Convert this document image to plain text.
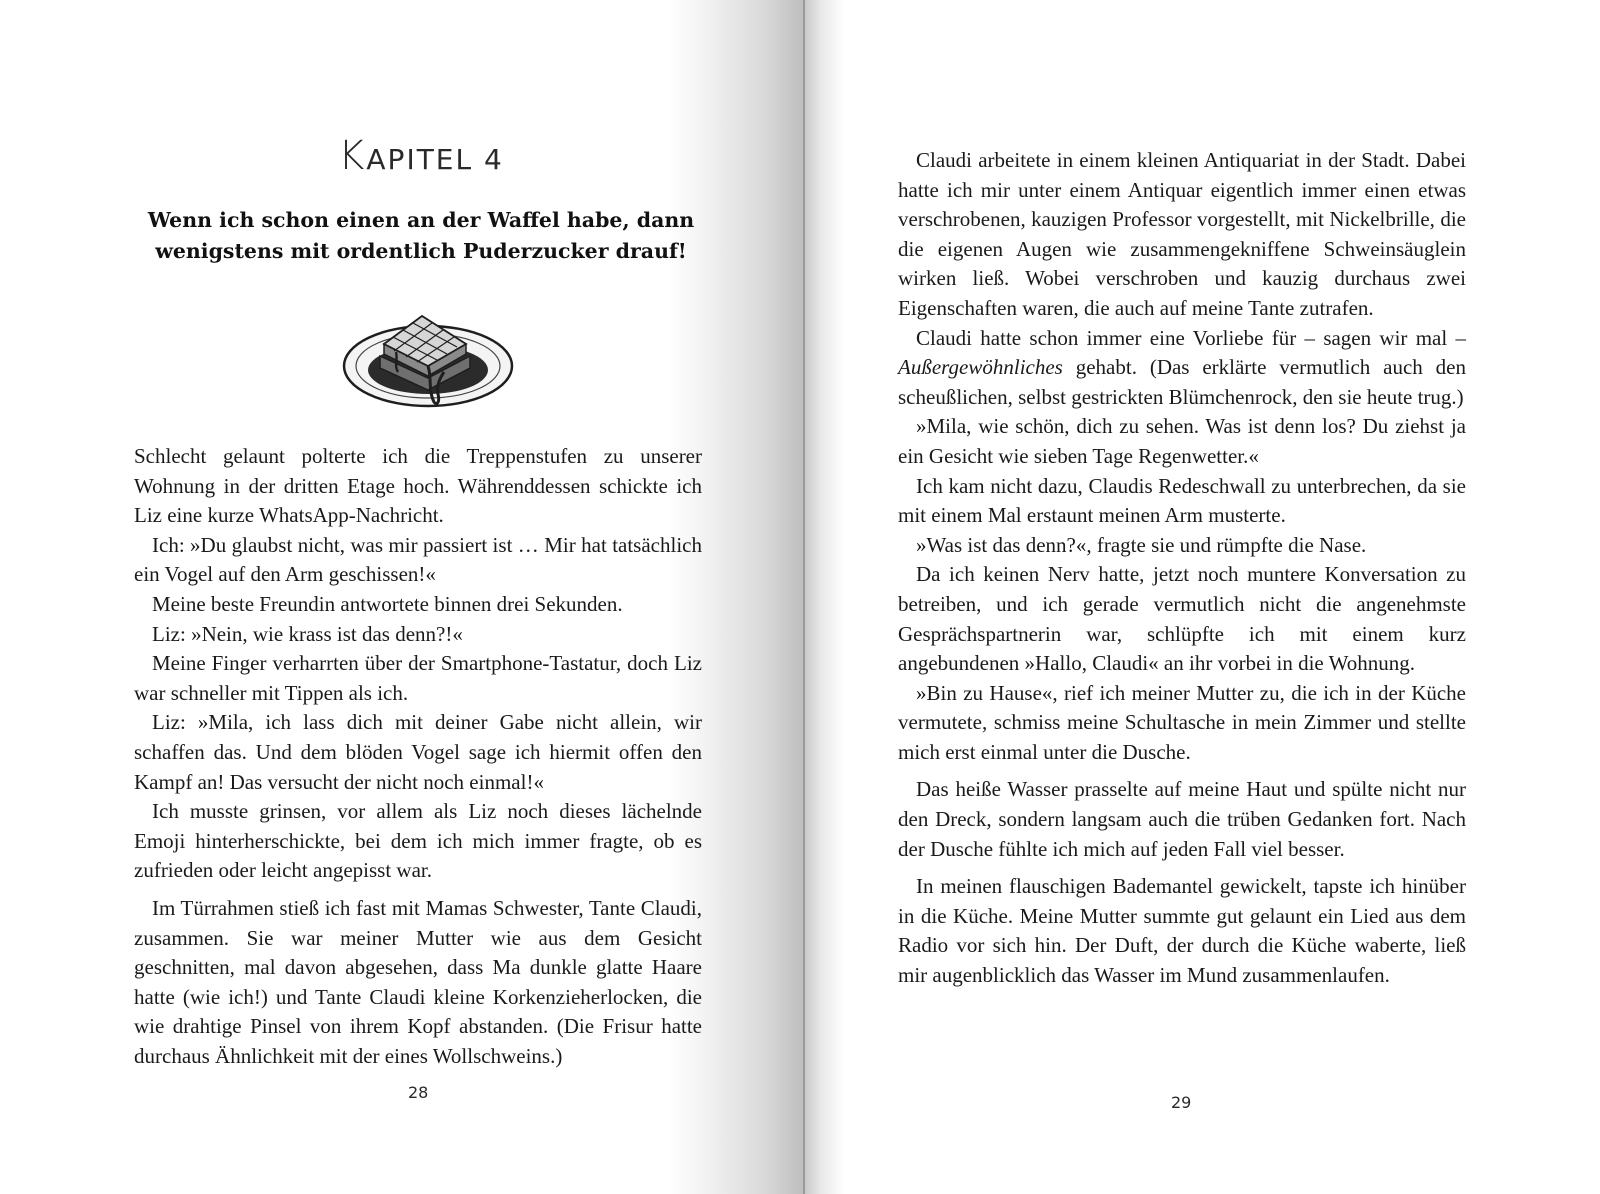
KAPITEL 4
Wenn ich schon einen an der Waffel habe, dann
wenigstens mit ordentlich Puderzucker drauf!

Schlecht gelaunt polterte ich die Treppenstufen zu unserer Wohnung in der dritten Etage hoch. Währenddessen schickte ich Liz eine kurze WhatsApp-Nachricht.

Ich: »Du glaubst nicht, was mir passiert ist … Mir hat tatsächlich ein Vogel auf den Arm geschissen!«

Meine beste Freundin antwortete binnen drei Sekunden.

Liz: »Nein, wie krass ist das denn?!«

Meine Finger verharrten über der Smartphone-Tastatur, doch Liz war schneller mit Tippen als ich.

Liz: »Mila, ich lass dich mit deiner Gabe nicht allein, wir schaffen das. Und dem blöden Vogel sage ich hiermit offen den Kampf an! Das versucht der nicht noch einmal!«

Ich musste grinsen, vor allem als Liz noch dieses lächelnde Emoji hinterherschickte, bei dem ich mich immer fragte, ob es zufrieden oder leicht angepisst war.

Im Türrahmen stieß ich fast mit Mamas Schwester, Tante Claudi, zusammen. Sie war meiner Mutter wie aus dem Gesicht geschnitten, mal davon abgesehen, dass Ma dunkle glatte Haare hatte (wie ich!) und Tante Claudi kleine Korkenzieherlocken, die wie drahtige Pinsel von ihrem Kopf abstanden. (Die Frisur hatte durchaus Ähnlichkeit mit der eines Wollschweins.)

28

Claudi arbeitete in einem kleinen Antiquariat in der Stadt. Dabei hatte ich mir unter einem Antiquar eigentlich immer einen etwas verschrobenen, kauzigen Professor vorgestellt, mit Nickelbrille, die die eigenen Augen wie zusammengekniffene Schweinsäuglein wirken ließ. Wobei verschroben und kauzig durchaus zwei Eigenschaften waren, die auch auf meine Tante zutrafen.

Claudi hatte schon immer eine Vorliebe für – sagen wir mal – Außergewöhnliches gehabt. (Das erklärte vermutlich auch den scheußlichen, selbst gestrickten Blümchenrock, den sie heute trug.)

»Mila, wie schön, dich zu sehen. Was ist denn los? Du ziehst ja ein Gesicht wie sieben Tage Regenwetter.«

Ich kam nicht dazu, Claudis Redeschwall zu unterbrechen, da sie mit einem Mal erstaunt meinen Arm musterte.

»Was ist das denn?«, fragte sie und rümpfte die Nase.

Da ich keinen Nerv hatte, jetzt noch muntere Konversation zu betreiben, und ich gerade vermutlich nicht die angenehmste Gesprächspartnerin war, schlüpfte ich mit einem kurz angebundenen »Hallo, Claudi« an ihr vorbei in die Wohnung.

»Bin zu Hause«, rief ich meiner Mutter zu, die ich in der Küche vermutete, schmiss meine Schultasche in mein Zimmer und stellte mich erst einmal unter die Dusche.

Das heiße Wasser prasselte auf meine Haut und spülte nicht nur den Dreck, sondern langsam auch die trüben Gedanken fort. Nach der Dusche fühlte ich mich auf jeden Fall viel besser.

In meinen flauschigen Bademantel gewickelt, tapste ich hinüber in die Küche. Meine Mutter summte gut gelaunt ein Lied aus dem Radio vor sich hin. Der Duft, der durch die Küche waberte, ließ mir augenblicklich das Wasser im Mund zusammenlaufen.

29
